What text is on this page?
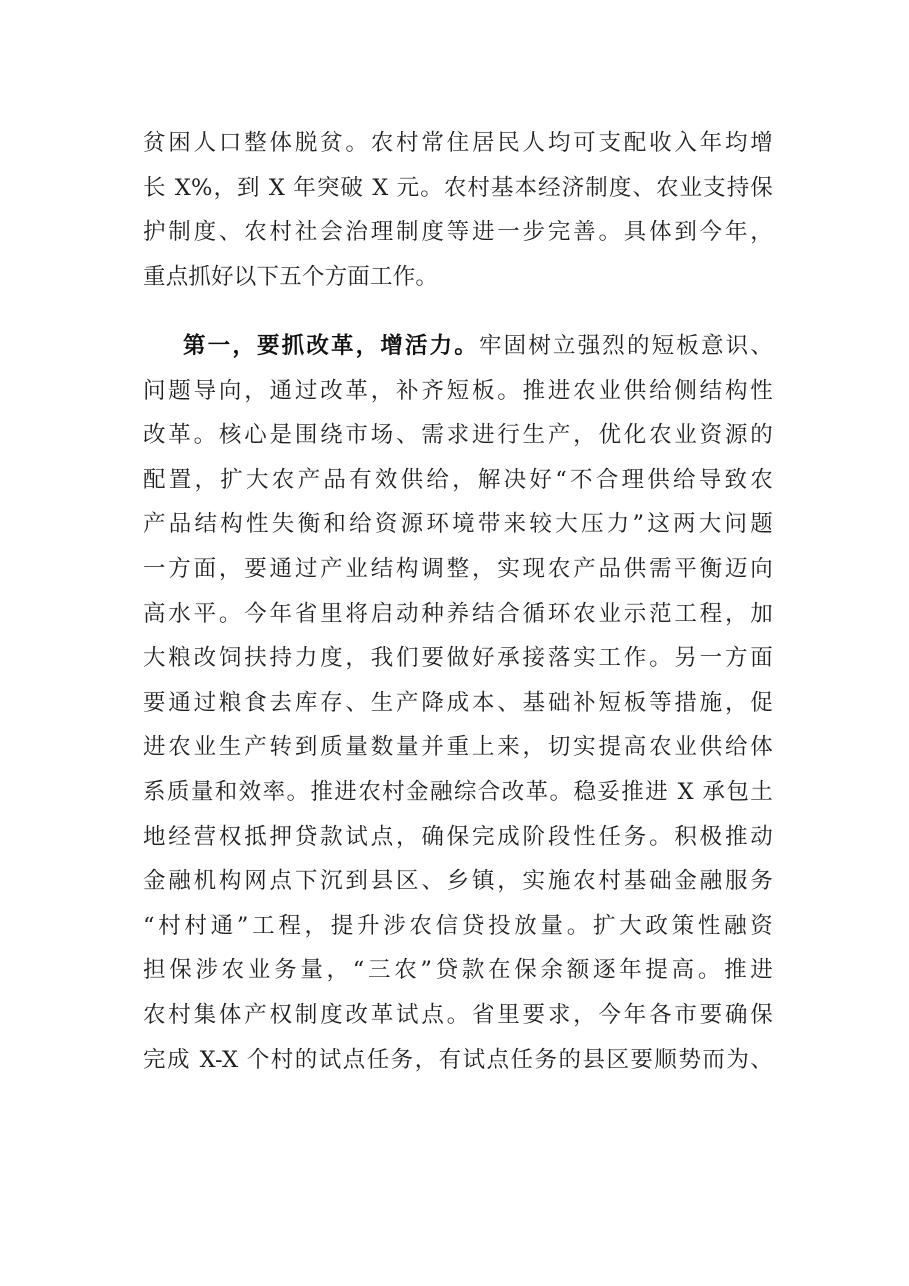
贫困人口整体脱贫。农村常住居民人均可支配收入年均增
长 X%，到 X 年突破 X 元。农村基本经济制度、农业支持保
护制度、农村社会治理制度等进一步完善。具体到今年，
重点抓好以下五个方面工作。
第一，要抓改革，增活力。牢固树立强烈的短板意识、
问题导向，通过改革，补齐短板。推进农业供给侧结构性
改革。核心是围绕市场、需求进行生产，优化农业资源的
配置，扩大农产品有效供给，解决好“不合理供给导致农
产品结构性失衡和给资源环境带来较大压力”这两大问题
一方面，要通过产业结构调整，实现农产品供需平衡迈向
高水平。今年省里将启动种养结合循环农业示范工程，加
大粮改饲扶持力度，我们要做好承接落实工作。另一方面
要通过粮食去库存、生产降成本、基础补短板等措施，促
进农业生产转到质量数量并重上来，切实提高农业供给体
系质量和效率。推进农村金融综合改革。稳妥推进 X 承包土
地经营权抵押贷款试点，确保完成阶段性任务。积极推动
金融机构网点下沉到县区、乡镇，实施农村基础金融服务
“村村通”工程，提升涉农信贷投放量。扩大政策性融资
担保涉农业务量，“三农”贷款在保余额逐年提高。推进
农村集体产权制度改革试点。省里要求，今年各市要确保
完成 X-X 个村的试点任务，有试点任务的县区要顺势而为、
